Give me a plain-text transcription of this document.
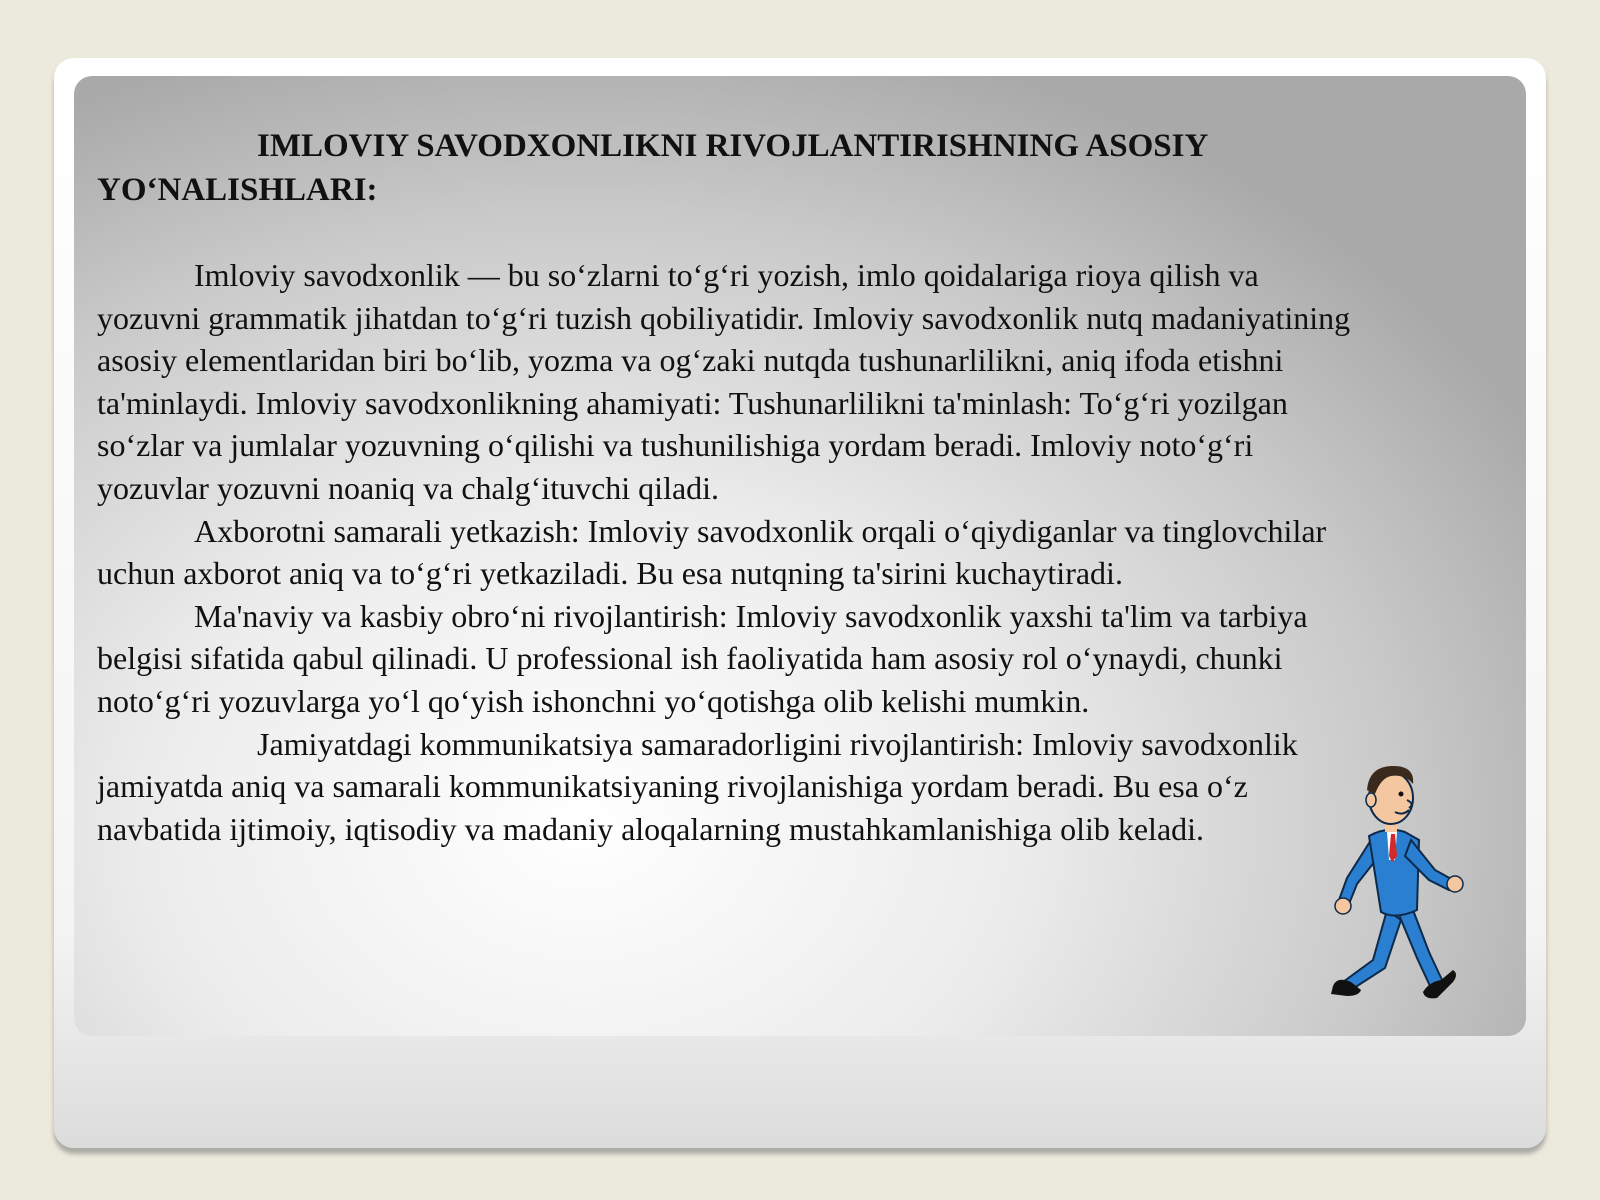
IMLOVIY SAVODXONLIKNI RIVOJLANTIRISHNING ASOSIY YO‘NALISHLARI:

Imloviy savodxonlik — bu so‘zlarni to‘g‘ri yozish, imlo qoidalariga rioya qilish va yozuvni grammatik jihatdan to‘g‘ri tuzish qobiliyatidir. Imloviy savodxonlik nutq madaniyatining asosiy elementlaridan biri bo‘lib, yozma va og‘zaki nutqda tushunarlilikni, aniq ifoda etishni ta'minlaydi. Imloviy savodxonlikning ahamiyati: Tushunarlilikni ta'minlash: To‘g‘ri yozilgan so‘zlar va jumlalar yozuvning o‘qilishi va tushunilishiga yordam beradi. Imloviy noto‘g‘ri yozuvlar yozuvni noaniq va chalg‘ituvchi qiladi.

Axborotni samarali yetkazish: Imloviy savodxonlik orqali o‘qiydiganlar va tinglovchilar uchun axborot aniq va to‘g‘ri yetkaziladi. Bu esa nutqning ta'sirini kuchaytiradi.

Ma'naviy va kasbiy obro‘ni rivojlantirish: Imloviy savodxonlik yaxshi ta'lim va tarbiya belgisi sifatida qabul qilinadi. U professional ish faoliyatida ham asosiy rol o‘ynaydi, chunki noto‘g‘ri yozuvlarga yo‘l qo‘yish ishonchni yo‘qotishga olib kelishi mumkin.

Jamiyatdagi kommunikatsiya samaradorligini rivojlantirish: Imloviy savodxonlik jamiyatda aniq va samarali kommunikatsiyaning rivojlanishiga yordam beradi. Bu esa o‘z navbatida ijtimoiy, iqtisodiy va madaniy aloqalarning mustahkamlanishiga olib keladi.
